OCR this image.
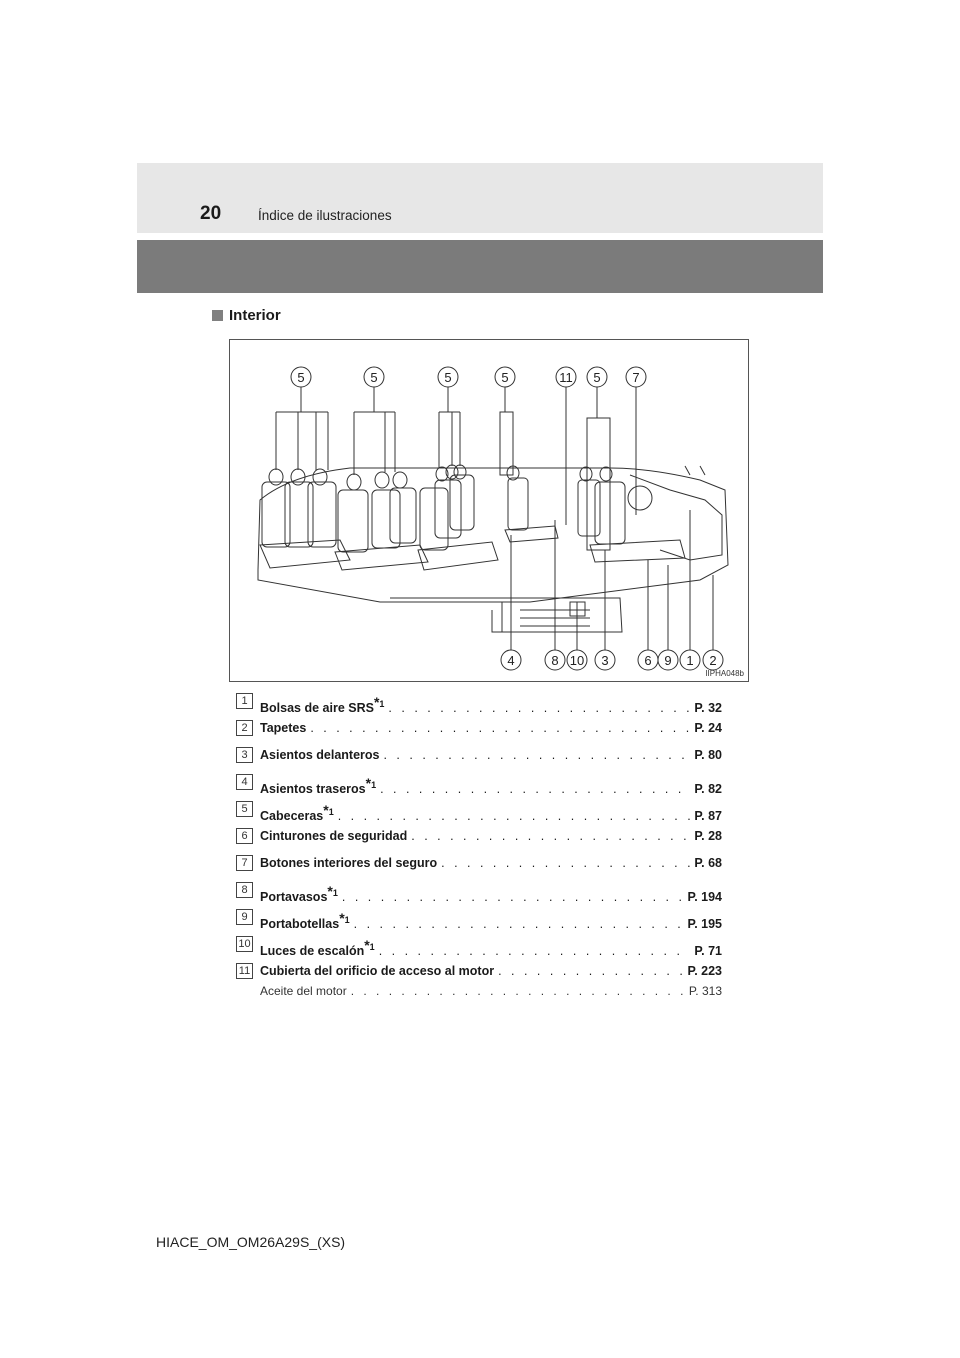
20	Índice de ilustraciones
Interior
5	5	5	5	11 5 7
4	8 10 3	6 9 1 2
IIPHA048b
1
Bolsas de aire SRS$^{*1}$ . . .	P. 32
2 Tapetes . . .	P. 24
3 Asientos delanteros . . .	P. 80
4
Asientos traseros$^{*1}$ . . .	P. 82
5
Cabeceras$^{*1}$ . . .	P. 87
6 Cinturones de seguridad . . .	P. 28
7 Botones interiores del seguro . . .	P. 68
8
Portavasos$^{*1}$ . . .	P. 194
9
Portabotellas$^{*1}$ . . .	P. 195
10
Luces de escalón$^{*1}$ . . .	P. 71
11 Cubierta del orificio de acceso al motor . . .	P. 223
Aceite del motor . . .	P. 313
HIACE_OM_OM26A29S_(XS)
